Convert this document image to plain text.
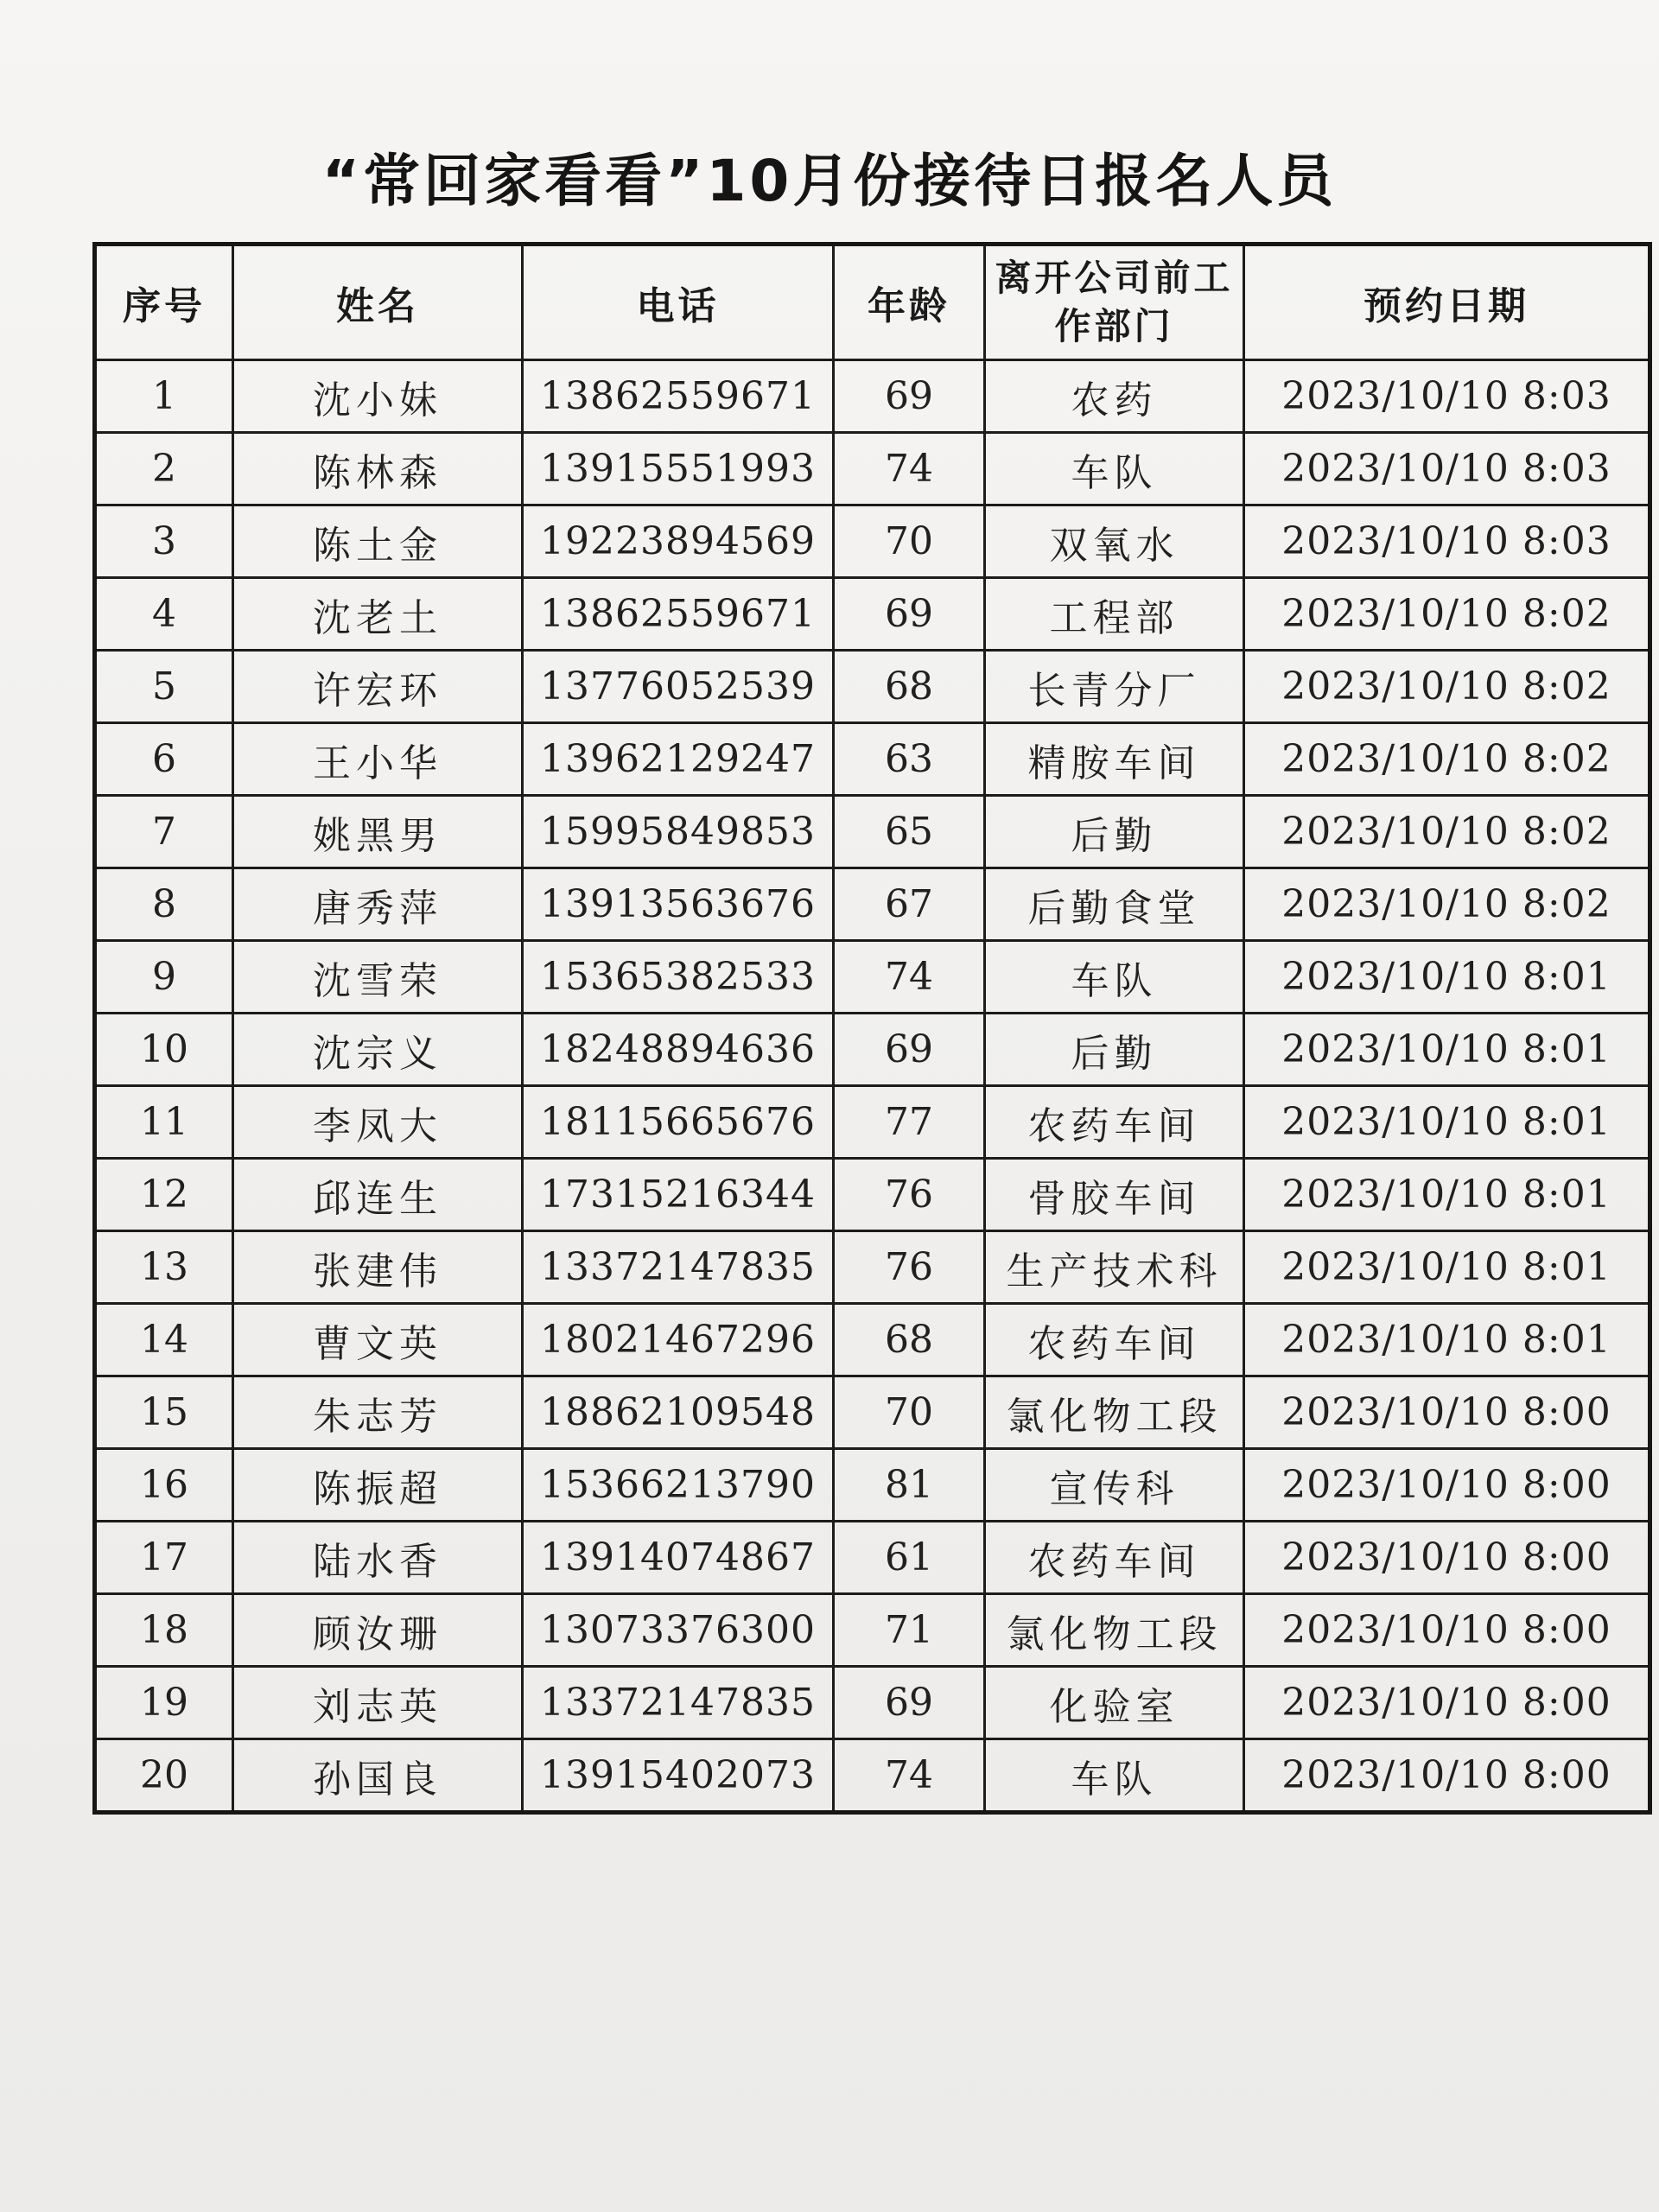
“常回家看看”10月份接待日报名人员
序号	姓名	电话	年龄	离开公司前工作部门	预约日期
1	沈小妹	13862559671	69	农药	2023/10/10 8:03
2	陈林森	13915551993	74	车队	2023/10/10 8:03
3	陈土金	19223894569	70	双氧水	2023/10/10 8:03
4	沈老土	13862559671	69	工程部	2023/10/10 8:02
5	许宏环	13776052539	68	长青分厂	2023/10/10 8:02
6	王小华	13962129247	63	精胺车间	2023/10/10 8:02
7	姚黑男	15995849853	65	后勤	2023/10/10 8:02
8	唐秀萍	13913563676	67	后勤食堂	2023/10/10 8:02
9	沈雪荣	15365382533	74	车队	2023/10/10 8:01
10	沈宗义	18248894636	69	后勤	2023/10/10 8:01
11	李凤大	18115665676	77	农药车间	2023/10/10 8:01
12	邱连生	17315216344	76	骨胶车间	2023/10/10 8:01
13	张建伟	13372147835	76	生产技术科	2023/10/10 8:01
14	曹文英	18021467296	68	农药车间	2023/10/10 8:01
15	朱志芳	18862109548	70	氯化物工段	2023/10/10 8:00
16	陈振超	15366213790	81	宣传科	2023/10/10 8:00
17	陆水香	13914074867	61	农药车间	2023/10/10 8:00
18	顾汝珊	13073376300	71	氯化物工段	2023/10/10 8:00
19	刘志英	13372147835	69	化验室	2023/10/10 8:00
20	孙国良	13915402073	74	车队	2023/10/10 8:00
